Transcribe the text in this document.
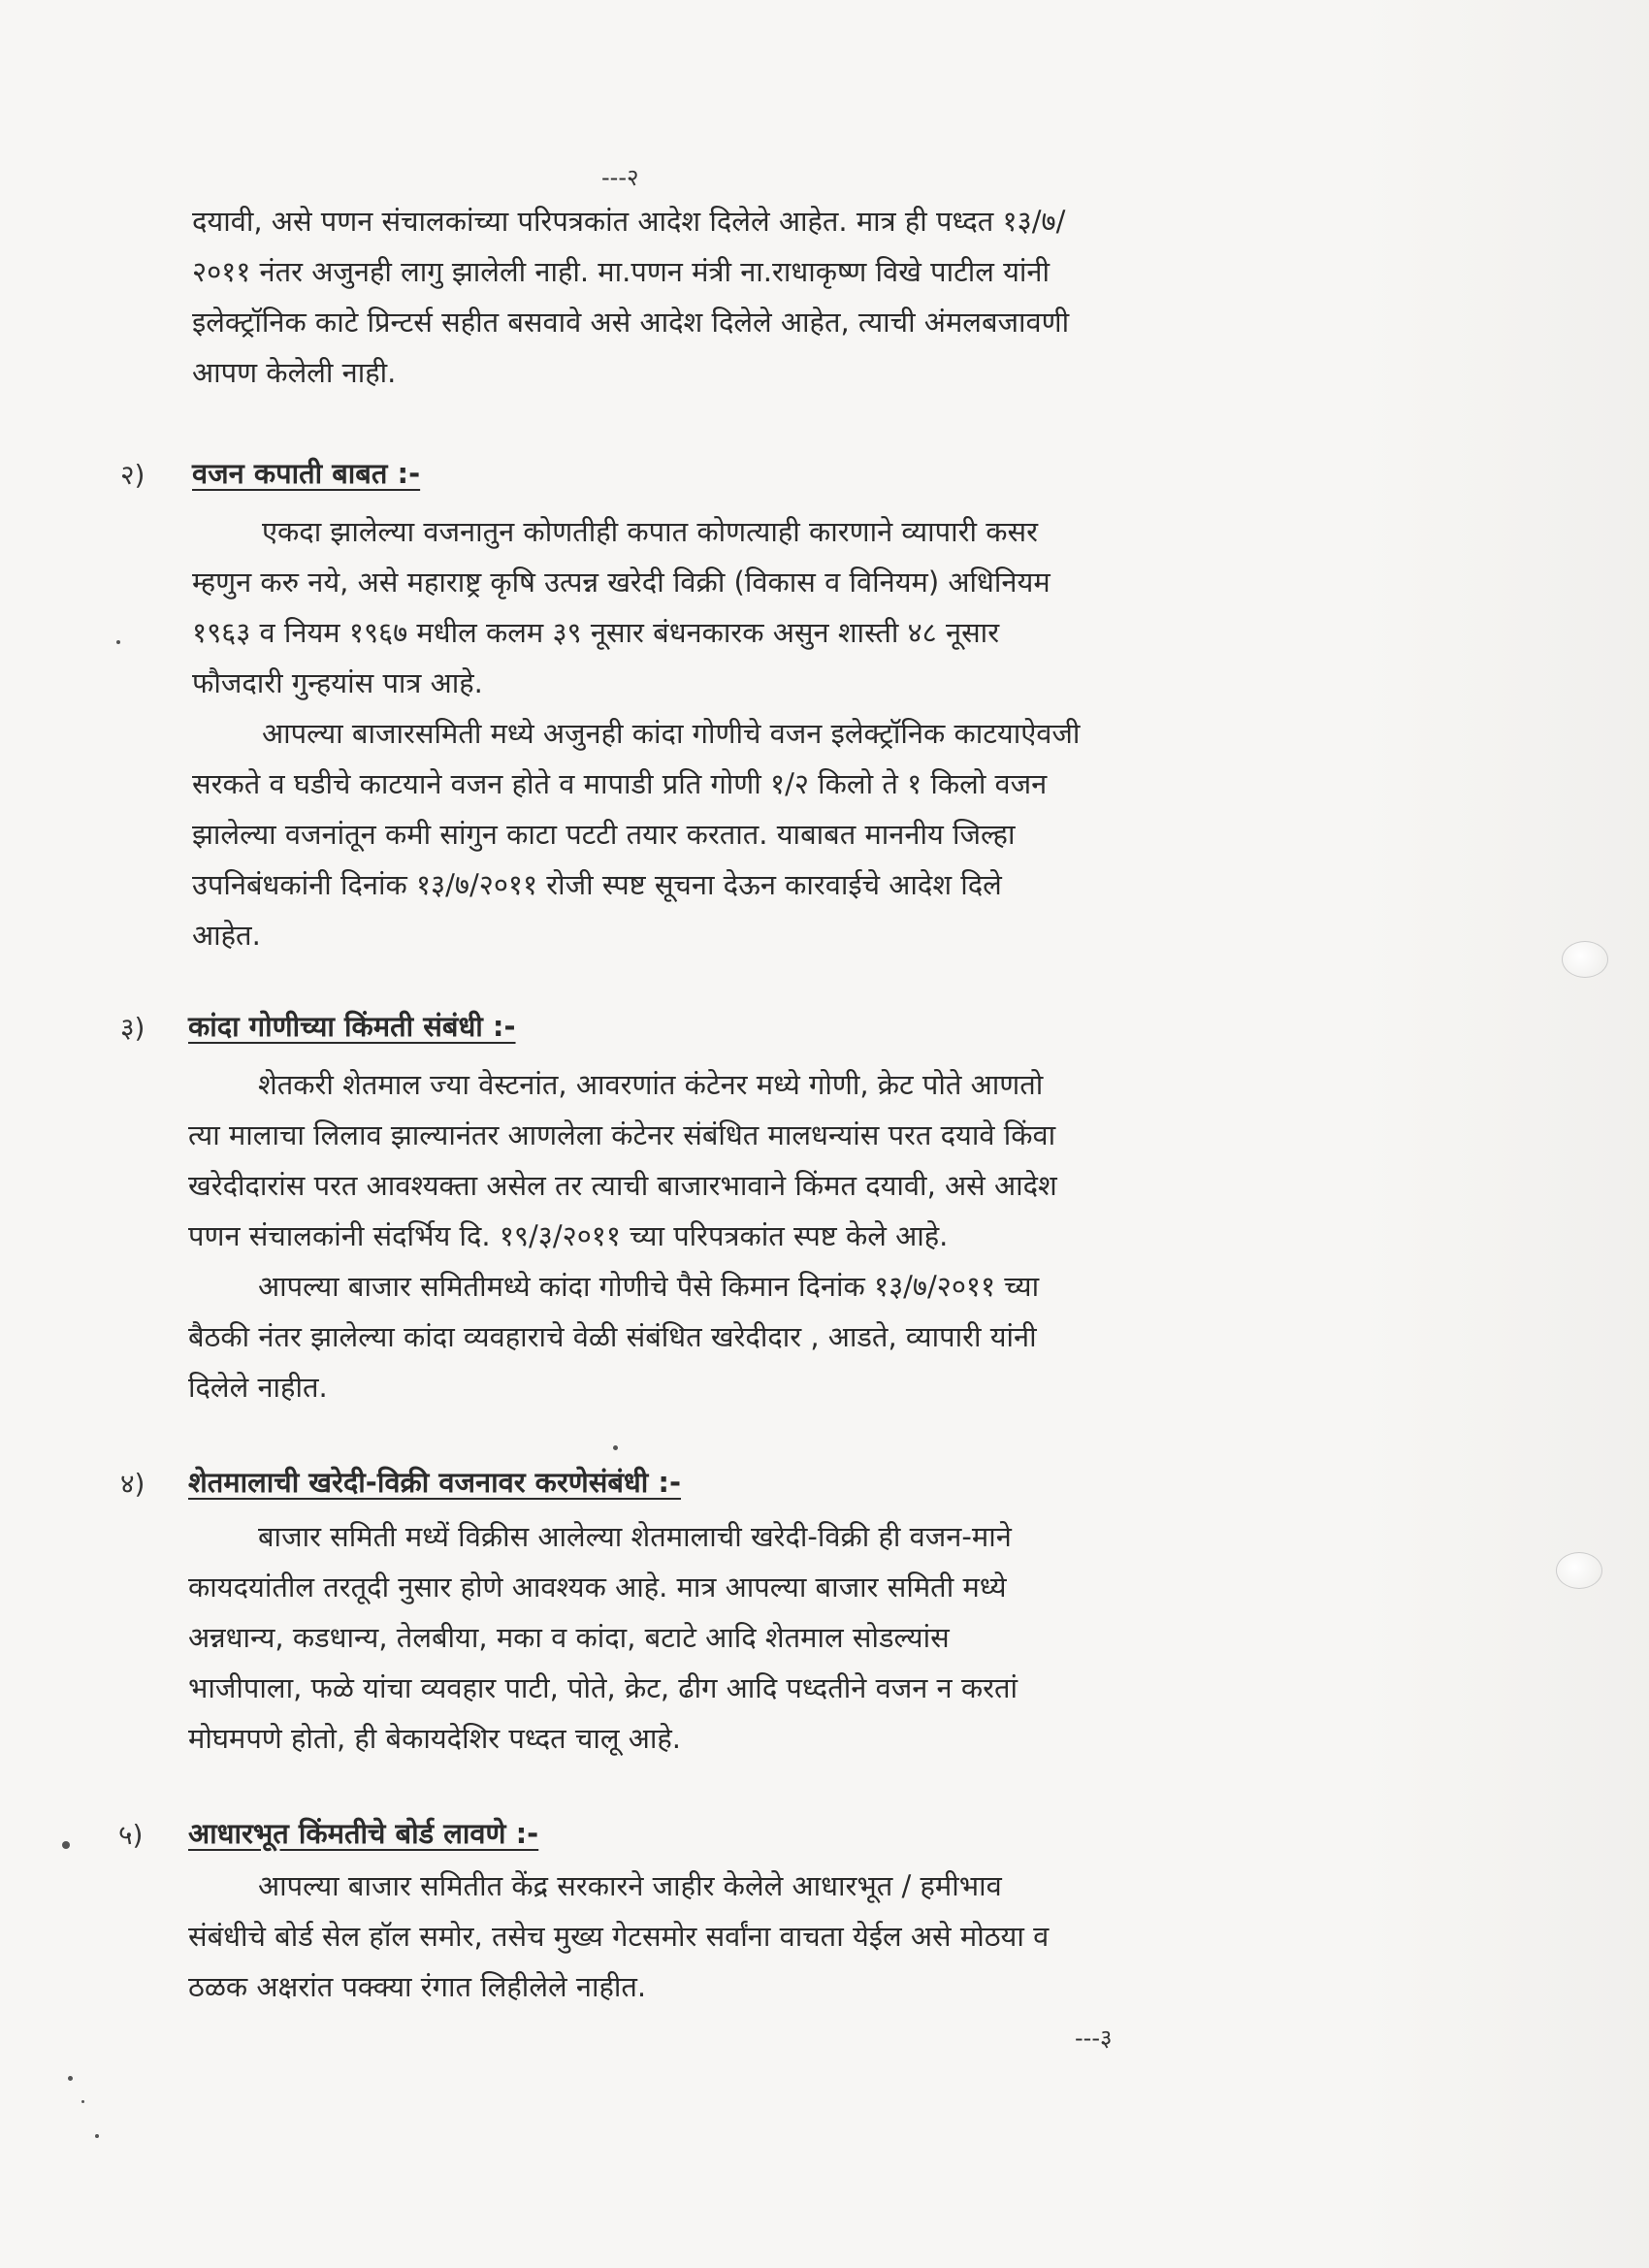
---२
दयावी, असे पणन संचालकांच्या परिपत्रकांत आदेश दिलेले आहेत. मात्र ही पध्दत १३/७/
२०११ नंतर अजुनही लागु झालेली नाही. मा.पणन मंत्री ना.राधाकृष्ण विखे पाटील यांनी
इलेक्ट्रॉनिक काटे प्रिन्टर्स सहीत बसवावे असे आदेश दिलेले आहेत, त्याची अंमलबजावणी
आपण केलेली नाही.
२) वजन कपाती बाबत :-
एकदा झालेल्या वजनातुन कोणतीही कपात कोणत्याही कारणाने व्यापारी कसर
म्हणुन करु नये, असे महाराष्ट्र कृषि उत्पन्न खरेदी विक्री (विकास व विनियम) अधिनियम
१९६३ व नियम १९६७ मधील कलम ३९ नूसार बंधनकारक असुन शास्ती ४८ नूसार
फौजदारी गुन्हयांस पात्र आहे.
आपल्या बाजारसमिती मध्ये अजुनही कांदा गोणीचे वजन इलेक्ट्रॉनिक काटयाऐवजी
सरकते व घडीचे काटयाने वजन होते व मापाडी प्रति गोणी १/२ किलो ते १ किलो वजन
झालेल्या वजनांतून कमी सांगुन काटा पटटी तयार करतात. याबाबत माननीय जिल्हा
उपनिबंधकांनी दिनांक १३/७/२०११ रोजी स्पष्ट सूचना देऊन कारवाईचे आदेश दिले
आहेत.
३) कांदा गोणीच्या किंमती संबंधी :-
शेतकरी शेतमाल ज्या वेस्टनांत, आवरणांत कंटेनर मध्ये गोणी, क्रेट पोते आणतो
त्या मालाचा लिलाव झाल्यानंतर आणलेला कंटेनर संबंधित मालधन्यांस परत दयावे किंवा
खरेदीदारांस परत आवश्यक्ता असेल तर त्याची बाजारभावाने किंमत दयावी, असे आदेश
पणन संचालकांनी संदर्भिय दि. १९/३/२०११ च्या परिपत्रकांत स्पष्ट केले आहे.
आपल्या बाजार समितीमध्ये कांदा गोणीचे पैसे किमान दिनांक १३/७/२०११ च्या
बैठकी नंतर झालेल्या कांदा व्यवहाराचे वेळी संबंधित खरेदीदार , आडते, व्यापारी यांनी
दिलेले नाहीत.
४) शेतमालाची खरेदी-विक्री वजनावर करणेसंबंधी :-
बाजार समिती मध्यें विक्रीस आलेल्या शेतमालाची खरेदी-विक्री ही वजन-माने
कायदयांतील तरतूदी नुसार होणे आवश्यक आहे. मात्र आपल्या बाजार समिती मध्ये
अन्नधान्य, कडधान्य, तेलबीया, मका व कांदा, बटाटे आदि शेतमाल सोडल्यांस
भाजीपाला, फळे यांचा व्यवहार पाटी, पोते, क्रेट, ढीग आदि पध्दतीने वजन न करतां
मोघमपणे होतो, ही बेकायदेशिर पध्दत चालू आहे.
५) आधारभूत किंमतीचे बोर्ड लावणे :-
आपल्या बाजार समितीत केंद्र सरकारने जाहीर केलेले आधारभूत / हमीभाव
संबंधीचे बोर्ड सेल हॉल समोर, तसेच मुख्य गेटसमोर सर्वांना वाचता येईल असे मोठया व
ठळक अक्षरांत पक्क्या रंगात लिहीलेले नाहीत.
---३
